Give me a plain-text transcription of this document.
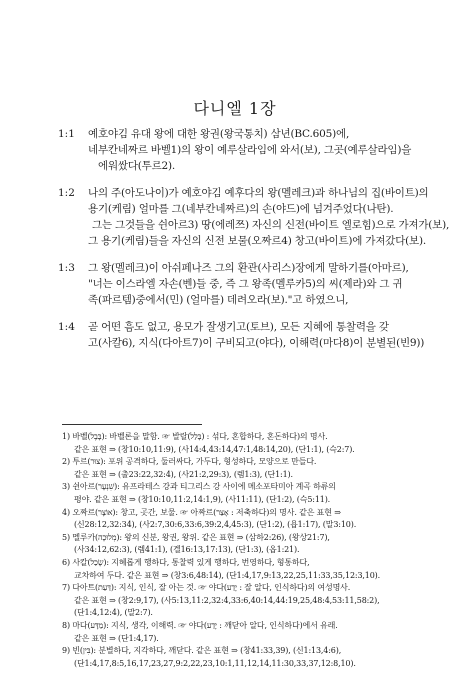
다니엘 1장
1:1	예호야김 유대 왕에 대한 왕권(왕국통치) 삼년(BC.605)에,
네부칸네짜르 바벨1)의 왕이 예루살라임에 와서(보), 그곳(예루살라임)을
에워쌌다(투르2).
1:2	나의 주(아도나이)가 예호야김 예후다의 왕(멜레크)과 하나님의 집(바이트)의
용기(케림) 얼마를 그(네부칸네짜르)의 손(야드)에 넘겨주었다(나탄).
그는 그것들을 쉰아르3) 땅(에레쯔) 자신의 신전(바이트 엘로힘)으로 가져가(보),
그 용기(케림)들을 자신의 신전 보물(오짜르4) 창고(바이트)에 가져갔다(보).
1:3	그 왕(멜레크)이 아쉬페나즈 그의 환관(사리스)장에게 말하기를(아마르),
"너는 이스라엘 자손(벤)들 중, 즉 그 왕족(멜루카5)의 씨(제라)와 그 귀
족(파르템)중에서(민) (얼마를) 데려오라(보)."고 하였으니,
1:4	곧 어떤 흠도 없고, 용모가 잘생기고(토브), 모든 지혜에 통찰력을 갖
고(사칼6), 지식(다아트7)이 구비되고(야다), 이해력(마다8)이 분별된(빈9))
1) 바벨(בָּבֶל): 바벨론을 말함. ☞ 발랄(בָּלַל) : 섞다, 혼합하다, 혼돈하다)의 명사.
같은 표현 ⇒ (창10:10,11:9), (사14:4,43:14,47:1,48:14,20), (단1:1), (슥2:7).
2) 투르(צוּר): 포위 공격하다, 둘러싸다, 가두다, 형성하다, 모양으로 만들다.
같은 표현 ⇒ (출23:22,32:4), (사21:2,29:3), (렘1:3), (단1:1).
3) 쉰아르(שִׁנְעָר): 유프라테스 강과 티그리스 강 사이에 메소포타미아 계곡 하류의
평야. 같은 표현 ⇒ (창10:10,11:2,14:1,9), (사11:11), (단1:2), (슥5:11).
4) 오짜르(אוֹצָר): 창고, 곳간, 보물. ☞ 아짜르(אָצַר : 저축하다)의 명사. 같은 표현 ⇒
(신28:12,32:34), (사2:7,30:6,33:6,39:2,4,45:3), (단1:2), (욥1:17), (말3:10).
5) 멜루카(מְלוּכָה): 왕의 신분, 왕권, 왕위. 같은 표현 ⇒ (삼하2:26), (왕상21:7),
(사34:12,62:3), (렘41:1), (겔16:13,17:13), (단1:3), (옵1:21).
6) 사칼(שָׂכַל): 지혜롭게 행하다, 통찰력 있게 행하다, 번영하다, 형통하다,
교차하여 두다. 같은 표현 ⇒ (창3:6,48:14), (단1:4,17,9:13,22,25,11:33,35,12:3,10).
7) 다아트(דַּעַת): 지식, 인식, 잘 아는 것. ☞ 야다(יָדַע : 잘 알다, 인식하다)의 여성명사.
같은 표현 ⇒ (창2:9,17), (사5:13,11:2,32:4,33:6,40:14,44:19,25,48:4,53:11,58:2),
(단1:4,12:4), (말2:7).
8) 마다(מַדָּע): 지식, 생각, 이해력. ☞ 야다(יָדַע : 깨닫아 알다, 인식하다)에서 유래.
같은 표현 ⇒ (단1:4,17).
9) 빈(בִּין): 분별하다, 지각하다, 깨닫다. 같은 표현 ⇒ (창41:33,39), (신1:13,4:6),
(단1:4,17,8:5,16,17,23,27,9:2,22,23,10:1,11,12,14,11:30,33,37,12:8,10).
